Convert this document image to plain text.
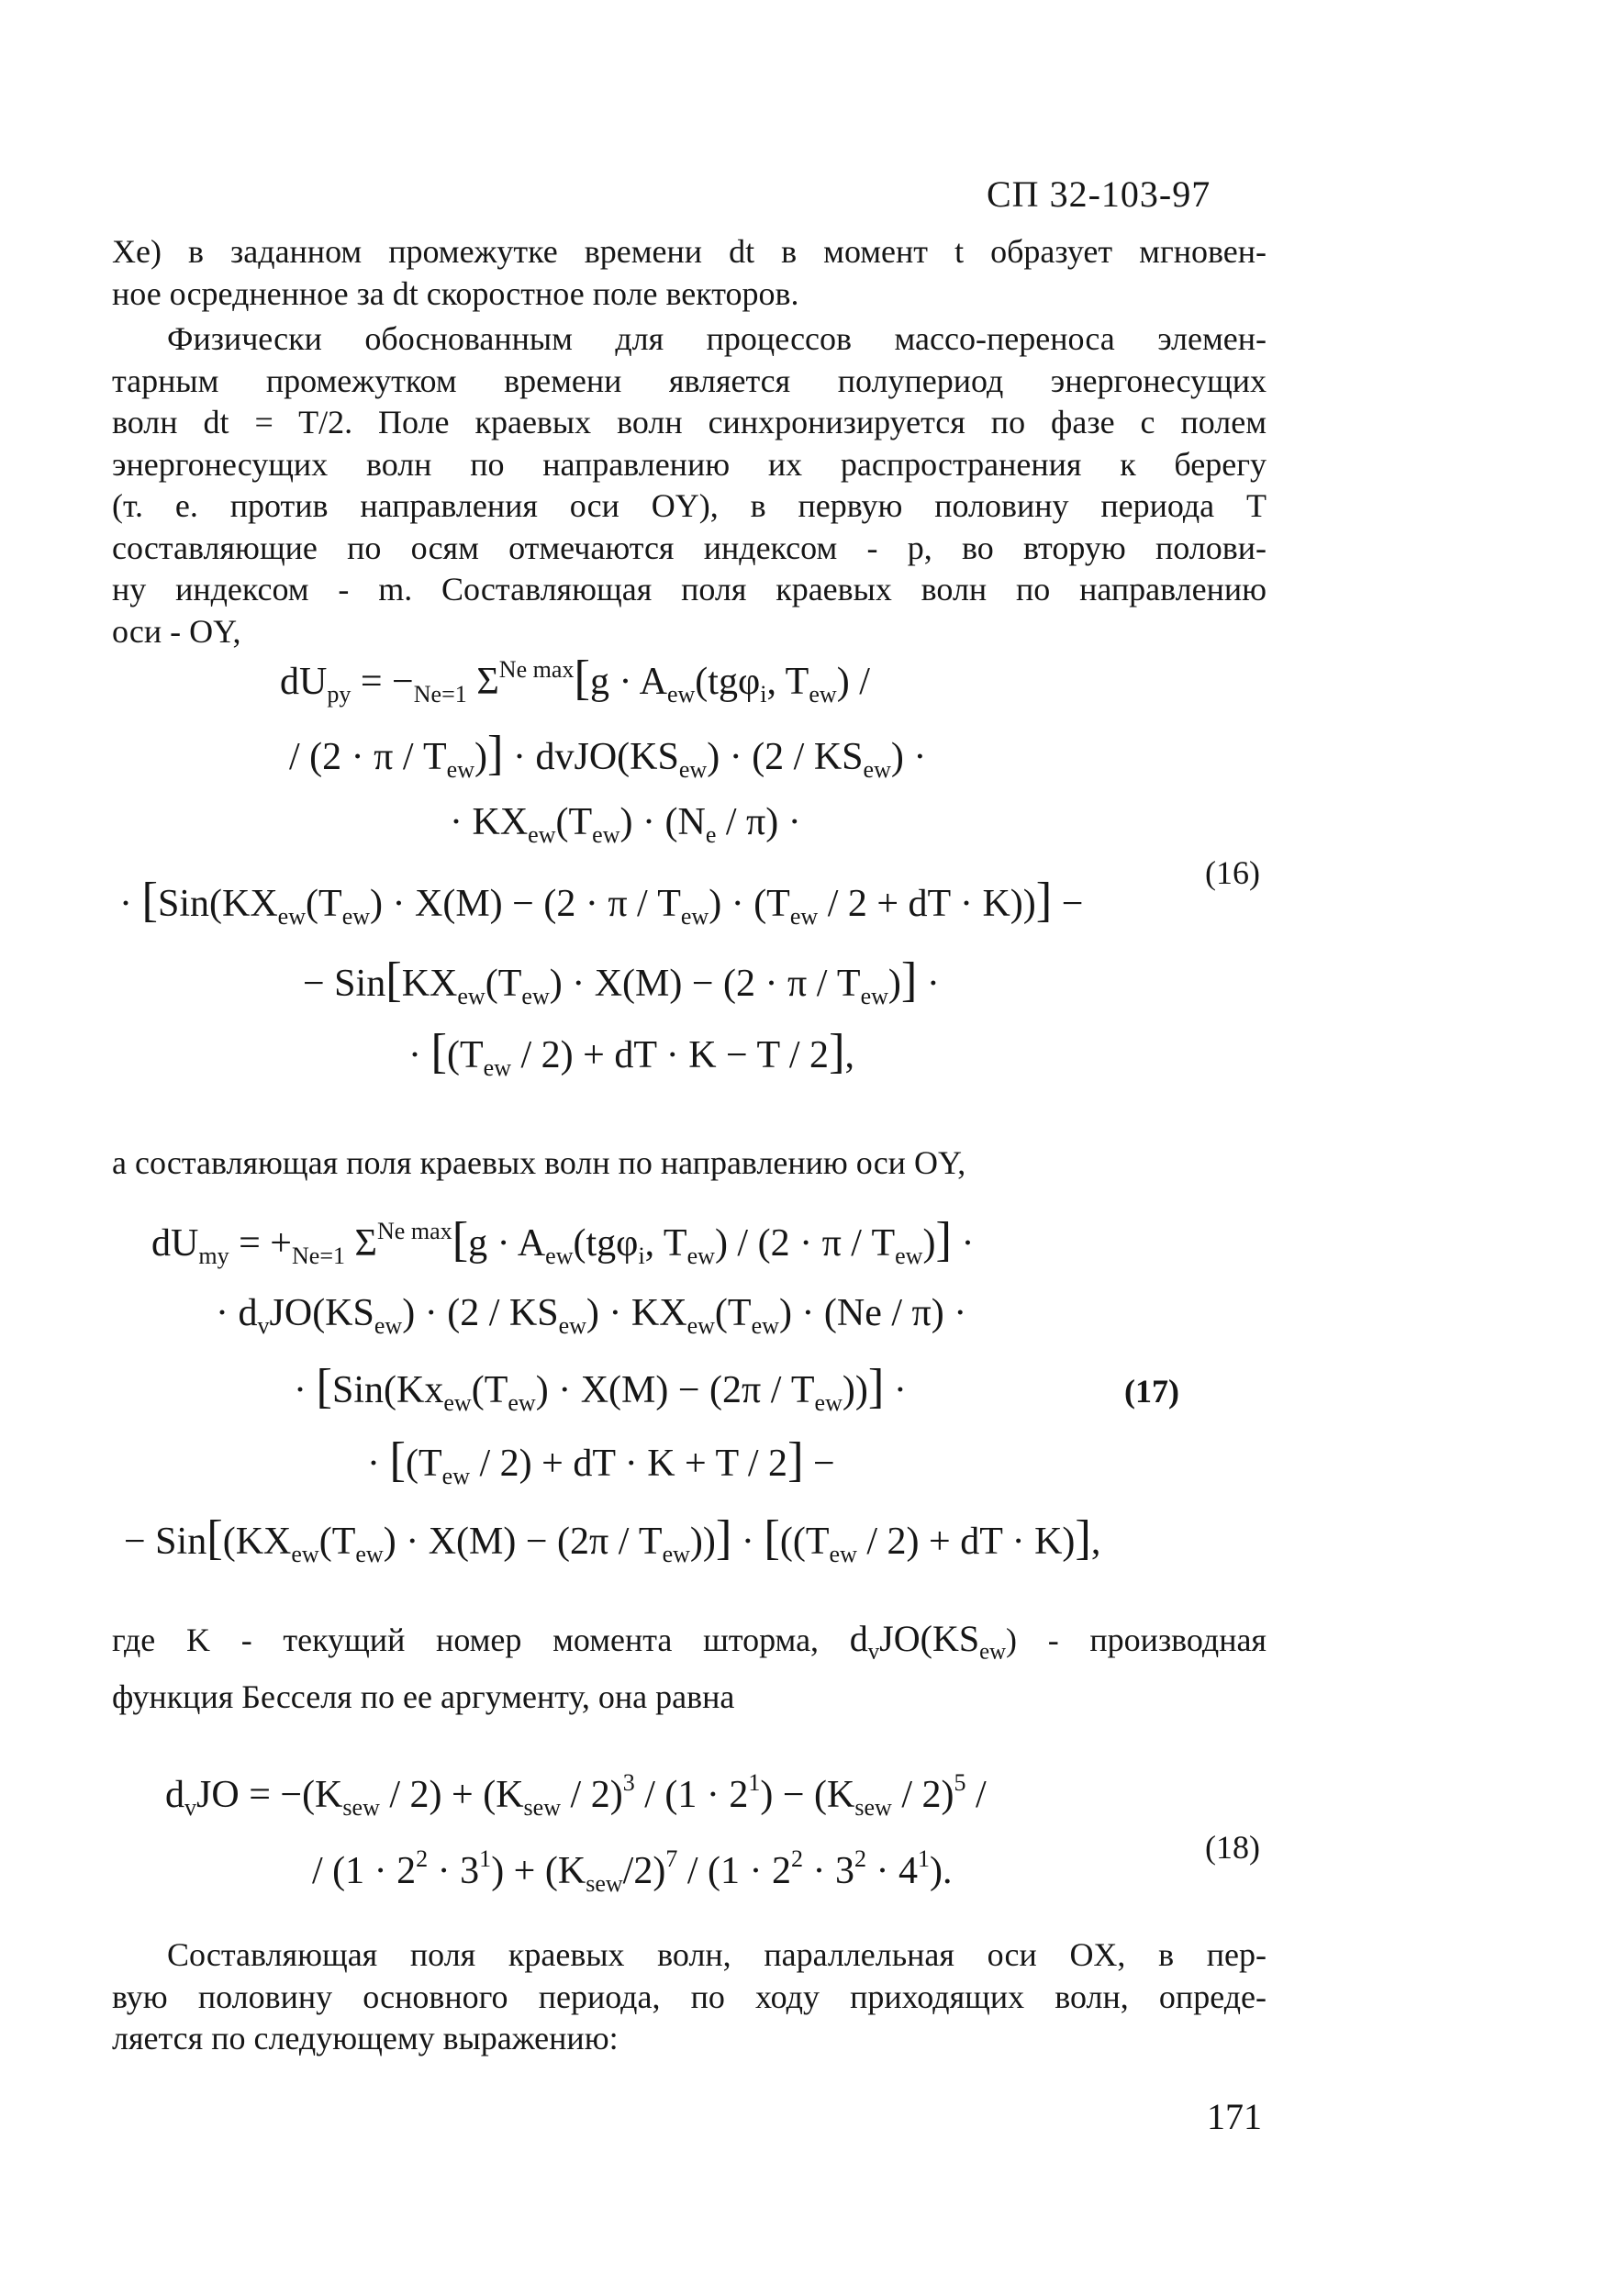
СП 32-103-97
Хе) в заданном промежутке времени dt в момент t образует мгновен-
ное осредненное за dt скоростное поле векторов.
Физически обоснованным для процессов массо-переноса элемен-
тарным промежутком времени является полупериод энергонесущих
волн dt = T/2. Поле краевых волн синхронизируется по фазе с полем
энергонесущих волн по направлению их распространения к берегу
(т. е. против направления оси OY), в первую половину периода T
составляющие по осям отмечаются индексом - p, во вторую полови-
ну индексом - m. Составляющая поля краевых волн по направлению
оси - OY,
$dU_{py} = -_{Ne=1}$ $\Sigma^{Ne max}[g \cdot A_{ew}(tg\varphi_i$, $T_{ew}$) /
/ $(2 \cdot \pi / T_{ew})$] · $dvJO(KS_{ew}) \cdot (2 / KS_{ew})$ ·
· $KX_{ew}(T_{ew}) \cdot (N_e / \pi)$ ·
· [$Sin(KX_{ew}(T_{ew}) \cdot X(M) - (2 \cdot \pi / T_{ew}) \cdot (T_{ew} / 2$ + dT · K))] −
− $Sin[KX_{ew}(T_{ew}) \cdot X(M) - (2 \cdot \pi / T_{ew})]$ ·
· [$(T_{ew} / 2)$ + dT · K − T / 2],
(16)
а составляющая поля краевых волн по направлению оси OY,
$dU_{my} = +_{Ne=1}$ $\Sigma^{Ne max}[g \cdot A_{ew}(tg\varphi_i$, $T_{ew}) / (2 \cdot \pi / T_{ew})$] ·
· $d_vJO(KS_{ew}) \cdot (2 / KS_{ew}) \cdot KX_{ew}(T_{ew}) \cdot (Ne / \pi)$ ·
· $[Sin(Kx_{ew}(T_{ew}) \cdot X(M) - (2\pi / T_{ew}))]$ ·
· [$(T_{ew} / 2)$ + dT · K + T / 2] −
− $Sin[(KX_{ew}(T_{ew}) \cdot X(M) - (2\pi / T_{ew}))] \cdot [((T_{ew} / 2)$ + dT · K)],
(17)
где K - текущий номер момента шторма, $d_vJO(KS_{ew})$ - производная
функция Бесселя по ее аргументу, она равна
$d_vJO = -(K_{sew} / 2) + (K_{sew} / 2)^3 / (1 \cdot 2^1) - (K_{sew} / 2)^5$ /
/ $(1 \cdot 2^2 \cdot 3^1) + (K_{sew}/2)^7 / (1 \cdot 2^2 \cdot 3^2 \cdot 4^1)$.
(18)
Составляющая поля краевых волн, параллельная оси OX, в пер-
вую половину основного периода, по ходу приходящих волн, опреде-
ляется по следующему выражению:
171
